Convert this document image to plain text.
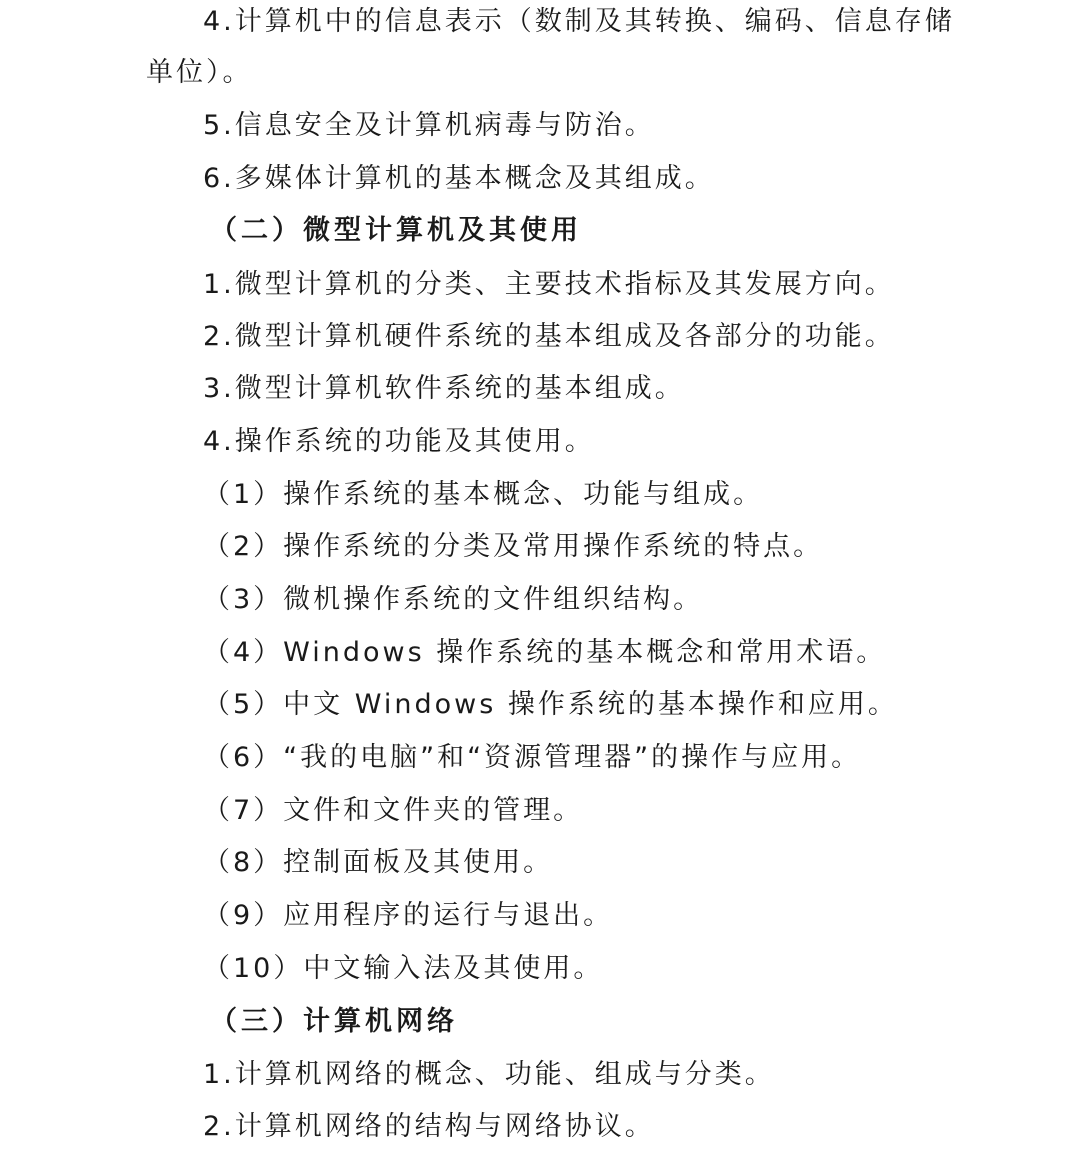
4.计算机中的信息表示（数制及其转换、编码、信息存储
单位）。
5.信息安全及计算机病毒与防治。
6.多媒体计算机的基本概念及其组成。
（二）微型计算机及其使用
1.微型计算机的分类、主要技术指标及其发展方向。
2.微型计算机硬件系统的基本组成及各部分的功能。
3.微型计算机软件系统的基本组成。
4.操作系统的功能及其使用。
（1）操作系统的基本概念、功能与组成。
（2）操作系统的分类及常用操作系统的特点。
（3）微机操作系统的文件组织结构。
（4）Windows 操作系统的基本概念和常用术语。
（5）中文 Windows 操作系统的基本操作和应用。
（6）“我的电脑”和“资源管理器”的操作与应用。
（7）文件和文件夹的管理。
（8）控制面板及其使用。
（9）应用程序的运行与退出。
（10）中文输入法及其使用。
（三）计算机网络
1.计算机网络的概念、功能、组成与分类。
2.计算机网络的结构与网络协议。
